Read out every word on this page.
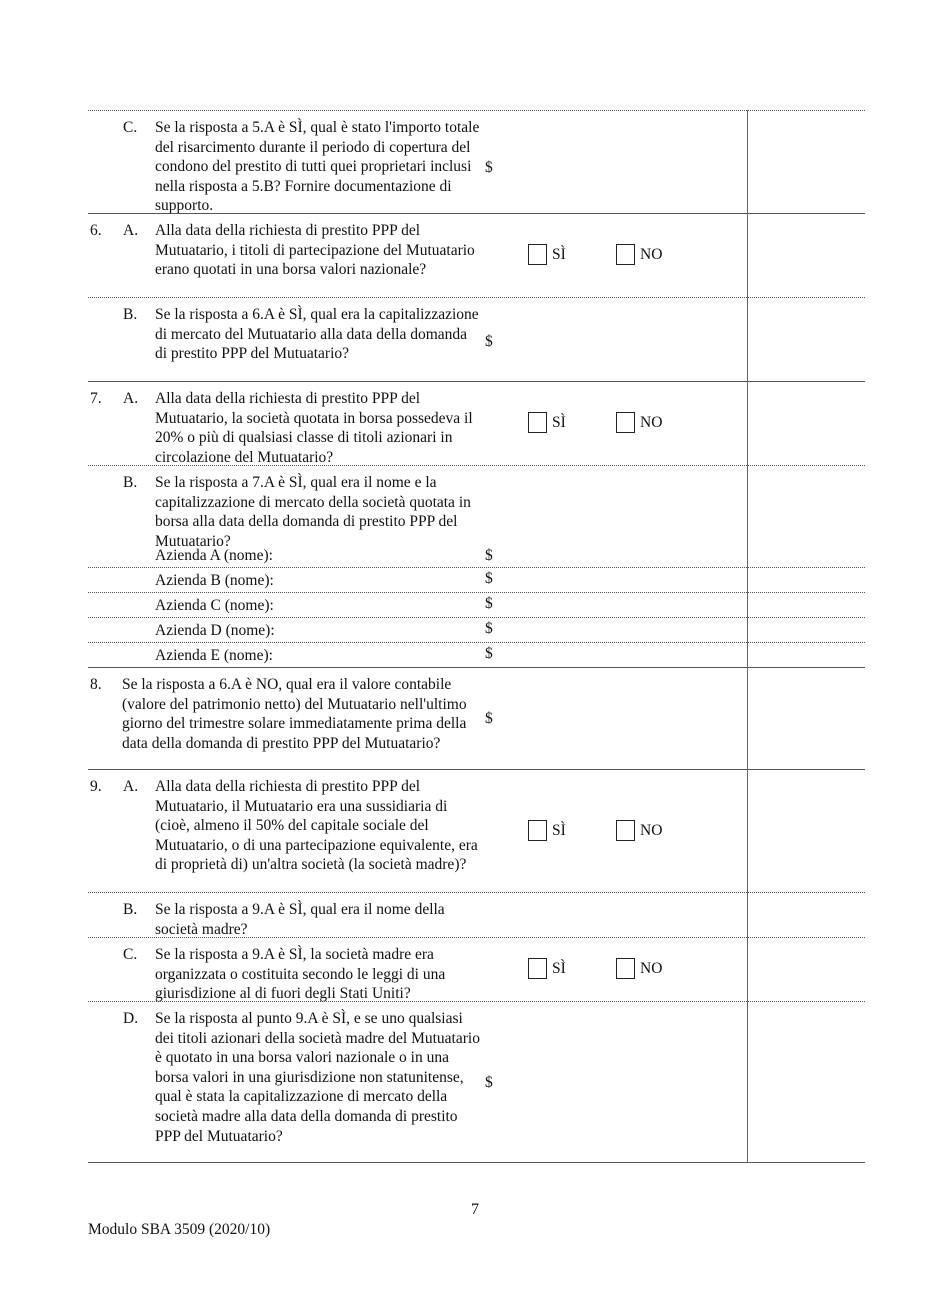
C. Se la risposta a 5.A è SÌ, qual è stato l'importo totale del risarcimento durante il periodo di copertura del condono del prestito di tutti quei proprietari inclusi nella risposta a 5.B? Fornire documentazione di supporto.

$
6. A. Alla data della richiesta di prestito PPP del Mutuatario, i titoli di partecipazione del Mutuatario erano quotati in una borsa valori nazionale?

SÌ	NO
B. Se la risposta a 6.A è SÌ, qual era la capitalizzazione di mercato del Mutuatario alla data della domanda di prestito PPP del Mutuatario?

$
7. A. Alla data della richiesta di prestito PPP del Mutuatario, la società quotata in borsa possedeva il 20% o più di qualsiasi classe di titoli azionari in circolazione del Mutuatario?

SÌ	NO
B. Se la risposta a 7.A è SÌ, qual era il nome e la capitalizzazione di mercato della società quotata in borsa alla data della domanda di prestito PPP del Mutuatario?

Azienda A (nome):	$
Azienda B (nome):	$
Azienda C (nome):	$
Azienda D (nome):	$
Azienda E (nome):	$
8. Se la risposta a 6.A è NO, qual era il valore contabile (valore del patrimonio netto) del Mutuatario nell'ultimo giorno del trimestre solare immediatamente prima della data della domanda di prestito PPP del Mutuatario?

$
9. A. Alla data della richiesta di prestito PPP del Mutuatario, il Mutuatario era una sussidiaria di (cioè, almeno il 50% del capitale sociale del Mutuatario, o di una partecipazione equivalente, era di proprietà di) un'altra società (la società madre)?

SÌ	NO
B. Se la risposta a 9.A è SÌ, qual era il nome della società madre?

C. Se la risposta a 9.A è SÌ, la società madre era organizzata o costituita secondo le leggi di una giurisdizione al di fuori degli Stati Uniti?

SÌ	NO
D. Se la risposta al punto 9.A è SÌ, e se uno qualsiasi dei titoli azionari della società madre del Mutuatario è quotato in una borsa valori nazionale o in una borsa valori in una giurisdizione non statunitense, qual è stata la capitalizzazione di mercato della società madre alla data della domanda di prestito PPP del Mutuatario?

$
7
Modulo SBA 3509 (2020/10)
